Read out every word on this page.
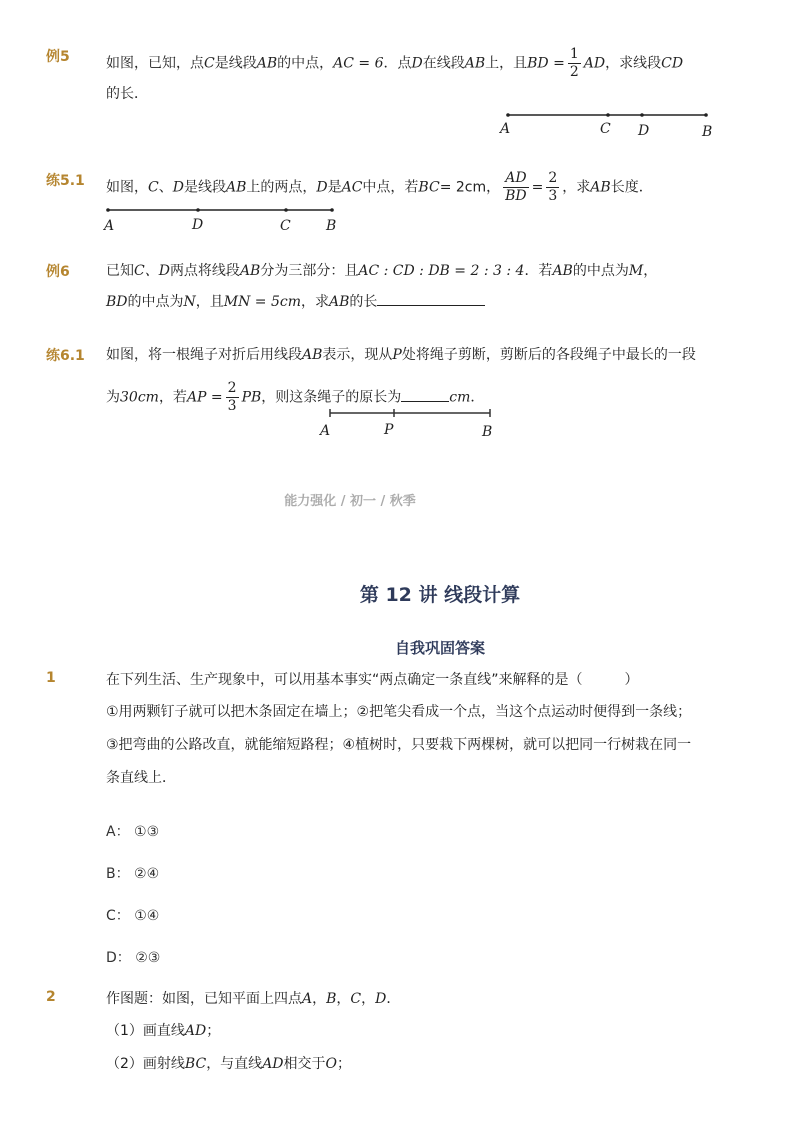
例5	如图，已知，点C是线段AB的中点，AC = 6．点D在线段AB上，且BD = $\frac{1}{2}$ AD，求线段CD
的长．
A	C D	B
练5.1 如图，C、D是线段AB上的两点，D是AC中点，若BC= 2cm， $\frac{AD}{BD} = \frac{2}{3}$ ，求AB长度．
A	D	C	B
例6	已知C、D两点将线段AB分为三部分：且AC : CD : DB = 2 : 3 : 4．若AB的中点为M，
BD的中点为N，且MN = 5cm，求AB的长
练6.1 如图，将一根绳子对折后用线段AB表示，现从P处将绳子剪断，剪断后的各段绳子中最长的一段
为30cm，若AP = $\frac{2}{3}$ PB，则这条绳子的原长为	cm．
A	P	B
能力强化 / 初一 / 秋季
第 12 讲 线段计算
自我巩固答案
1	在下列生活、生产现象中，可以用基本事实“两点确定一条直线”来解释的是（　　　）
①用两颗钉子就可以把木条固定在墙上；②把笔尖看成一个点，当这个点运动时便得到一条线；
③把弯曲的公路改直，就能缩短路程；④植树时，只要栽下两棵树，就可以把同一行树栽在同一
条直线上．
A： ①③
B： ②④
C： ①④
D： ②③
2	作图题：如图，已知平面上四点A，B，C，D．
（1）画直线AD；
（2）画射线BC，与直线AD相交于O；
